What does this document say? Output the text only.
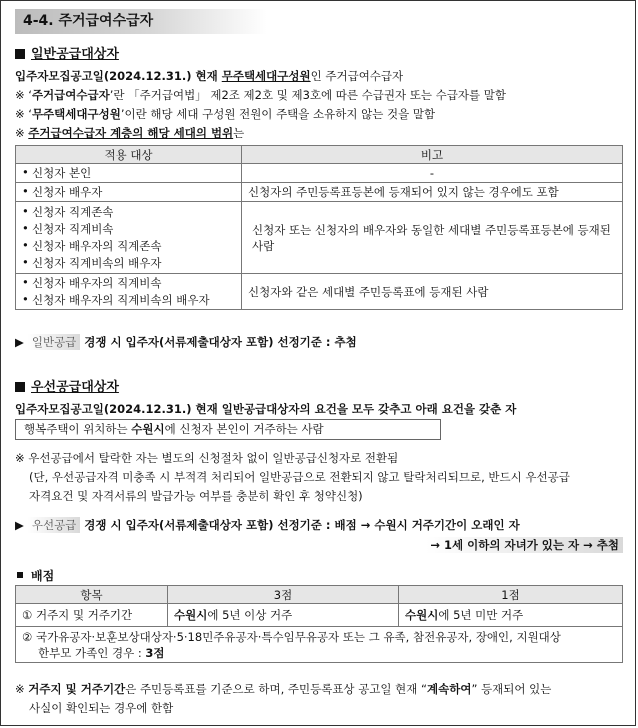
4-4. 주거급여수급자
일반공급대상자
입주자모집공고일(2024.12.31.) 현재 무주택세대구성원인 주거급여수급자
※ ‘주거급여수급자’란 「주거급여법」 제2조 제2호 및 제3호에 따른 수급권자 또는 수급자를 말함
※ ‘무주택세대구성원’이란 해당 세대 구성원 전원이 주택을 소유하지 않는 것을 말함
※ 주거급여수급자 계층의 해당 세대의 범위는
적용 대상	비고

• 신청자 본인	-

• 신청자 배우자	신청자의 주민등록표등본에 등재되어 있지 않는 경우에도 포함

• 신청자 직계존속
• 신청자 직계비속
• 신청자 배우자의 직계존속
• 신청자 직계비속의 배우자	신청자 또는 신청자의 배우자와 동일한 세대별 주민등록표등본에 등재된 사람

• 신청자 배우자의 직계비속
• 신청자 배우자의 직계비속의 배우자	신청자와 같은 세대별 주민등록표에 등재된 사람
▶ 일반공급 경쟁 시 입주자(서류제출대상자 포함) 선정기준 : 추첨
우선공급대상자
입주자모집공고일(2024.12.31.) 현재 일반공급대상자의 요건을 모두 갖추고 아래 요건을 갖춘 자
행복주택이 위치하는 수원시에 신청자 본인이 거주하는 사람
※ 우선공급에서 탈락한 자는 별도의 신청절차 없이 일반공급신청자로 전환됨
(단, 우선공급자격 미충족 시 부적격 처리되어 일반공급으로 전환되지 않고 탈락처리되므로, 반드시 우선공급
자격요건 및 자격서류의 발급가능 여부를 충분히 확인 후 청약신청)
▶ 우선공급 경쟁 시 입주자(서류제출대상자 포함) 선정기준 : 배점 → 수원시 거주기간이 오래인 자
→ 1세 이하의 자녀가 있는 자 → 추첨
배점
항목	3점	1점
① 거주지 및 거주기간	수원시에 5년 이상 거주	수원시에 5년 미만 거주

② 국가유공자·보훈보상대상자·5·18민주유공자·특수임무유공자 또는 그 유족, 참전유공자, 장애인, 지원대상
한부모 가족인 경우 : 3점		
※ 거주지 및 거주기간은 주민등록표를 기준으로 하며, 주민등록표상 공고일 현재 “계속하여” 등재되어 있는
사실이 확인되는 경우에 한함
